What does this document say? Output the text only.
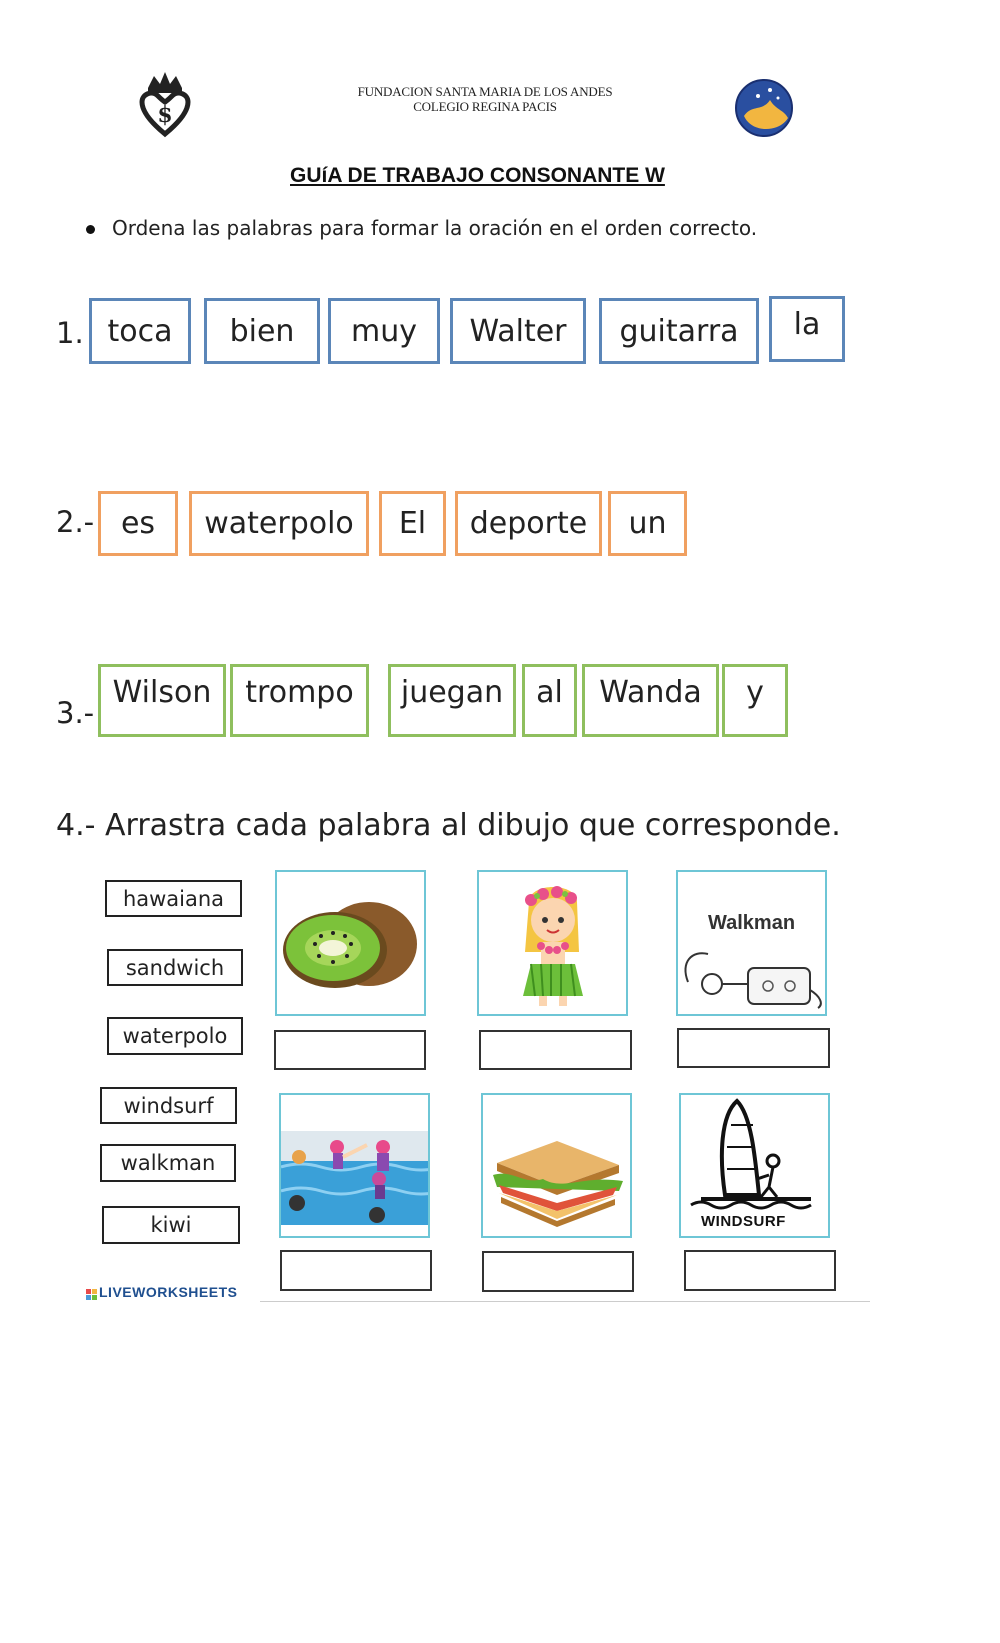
$
FUNDACION SANTA MARIA DE LOS ANDES
COLEGIO REGINA PACIS
GUíA DE TRABAJO CONSONANTE W
Ordena las palabras para formar la oración en el orden correcto.
1. toca	bien	muy	Walter	guitarra	la
2.- es	waterpolo	El	deporte	un
3.-
Wilson	trompo	juegan	al	Wanda	y
4.- Arrastra cada palabra al dibujo que corresponde.
hawaiana
sandwich
waterpolo
windsurf
walkman
kiwi
Walkman
WINDSURF
LIVEWORKSHEETS
